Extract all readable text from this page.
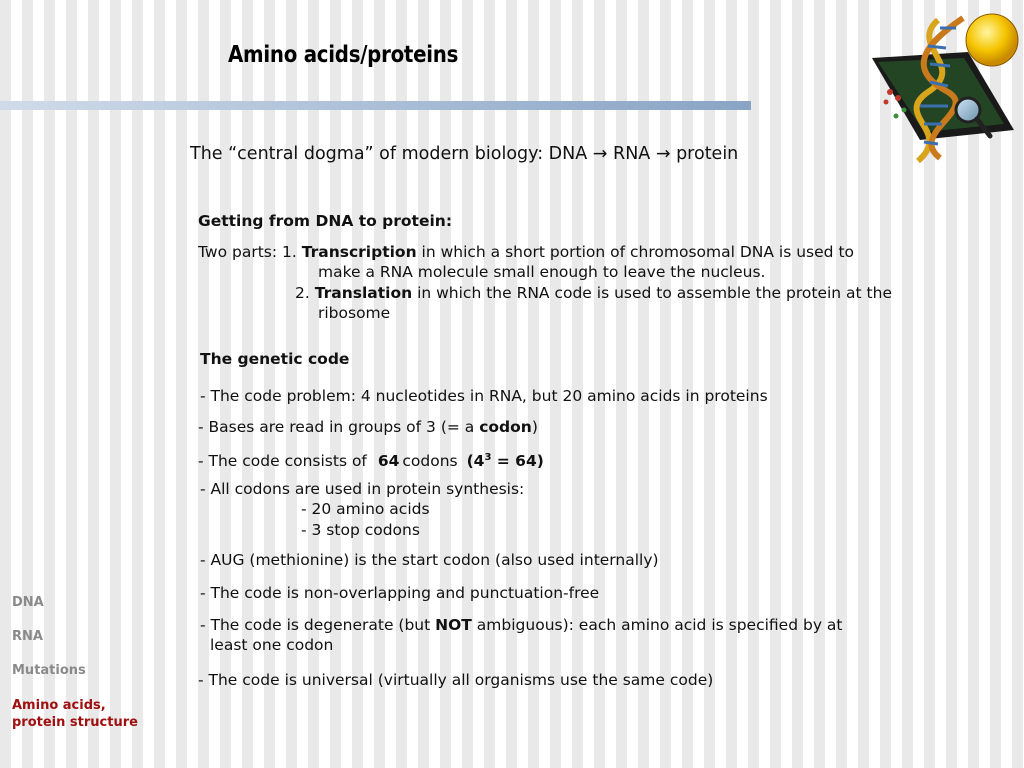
Amino acids/proteins
The “central dogma” of modern biology: DNA → RNA → protein
Getting from DNA to protein:
Two parts: 1. Transcription in which a short portion of chromosomal DNA is used to
make a RNA molecule small enough to leave the nucleus.
2. Translation in which the RNA code is used to assemble the protein at the
ribosome
The genetic code
- The code problem: 4 nucleotides in RNA, but 20 amino acids in proteins
- Bases are read in groups of 3 (= a codon)
- The code consists of 64 codons $(4^3 = 64)$
- All codons are used in protein synthesis:
- 20 amino acids
- 3 stop codons
- AUG (methionine) is the start codon (also used internally)
- The code is non-overlapping and punctuation-free
- The code is degenerate (but NOT ambiguous): each amino acid is specified by at
least one codon
- The code is universal (virtually all organisms use the same code)
DNA
RNA
Mutations
Amino acids,
protein structure
